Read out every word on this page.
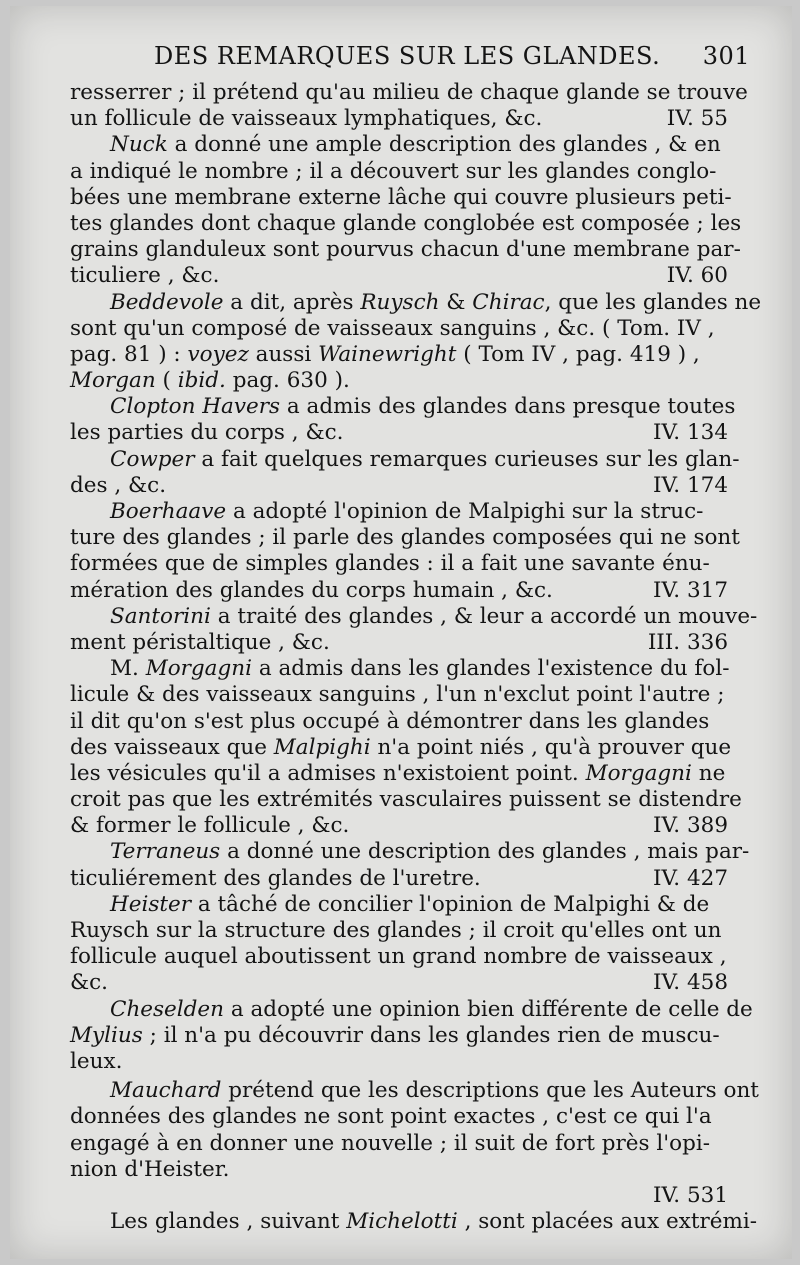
DES REMARQUES SUR LES GLANDES. 301
resserrer ; il prétend qu'au milieu de chaque glande se trouve
un follicule de vaisseaux lymphatiques, &c.	IV. 55
Nuck a donné une ample description des glandes , & en
a indiqué le nombre ; il a découvert sur les glandes conglo-
bées une membrane externe lâche qui couvre plusieurs peti-
tes glandes dont chaque glande conglobée est composée ; les
grains glanduleux sont pourvus chacun d'une membrane par-
ticuliere , &c.	IV. 60
Beddevole a dit, après Ruysch & Chirac, que les glandes ne
sont qu'un composé de vaisseaux sanguins , &c. ( Tom. IV ,
pag. 81 ) : voyez aussi Wainewright ( Tom IV , pag. 419 ) ,
Morgan ( ibid. pag. 630 ).
Clopton Havers a admis des glandes dans presque toutes
les parties du corps , &c.	IV. 134
Cowper a fait quelques remarques curieuses sur les glan-
des , &c.	IV. 174
Boerhaave a adopté l'opinion de Malpighi sur la struc-
ture des glandes ; il parle des glandes composées qui ne sont
formées que de simples glandes : il a fait une savante énu-
mération des glandes du corps humain , &c.	IV. 317
Santorini a traité des glandes , & leur a accordé un mouve-
ment péristaltique , &c.	III. 336
M. Morgagni a admis dans les glandes l'existence du fol-
licule & des vaisseaux sanguins , l'un n'exclut point l'autre ;
il dit qu'on s'est plus occupé à démontrer dans les glandes
des vaisseaux que Malpighi n'a point niés , qu'à prouver que
les vésicules qu'il a admises n'existoient point. Morgagni ne
croit pas que les extrémités vasculaires puissent se distendre
& former le follicule , &c.	IV. 389
Terraneus a donné une description des glandes , mais par-
ticuliérement des glandes de l'uretre.	IV. 427
Heister a tâché de concilier l'opinion de Malpighi & de
Ruysch sur la structure des glandes ; il croit qu'elles ont un
follicule auquel aboutissent un grand nombre de vaisseaux ,
&c.	IV. 458
Cheselden a adopté une opinion bien différente de celle de
Mylius ; il n'a pu découvrir dans les glandes rien de muscu-
leux.
Mauchard prétend que les descriptions que les Auteurs ont
données des glandes ne sont point exactes , c'est ce qui l'a
engagé à en donner une nouvelle ; il suit de fort près l'opi-
nion d'Heister.
IV. 531
Les glandes , suivant Michelotti , sont placées aux extrémi-
